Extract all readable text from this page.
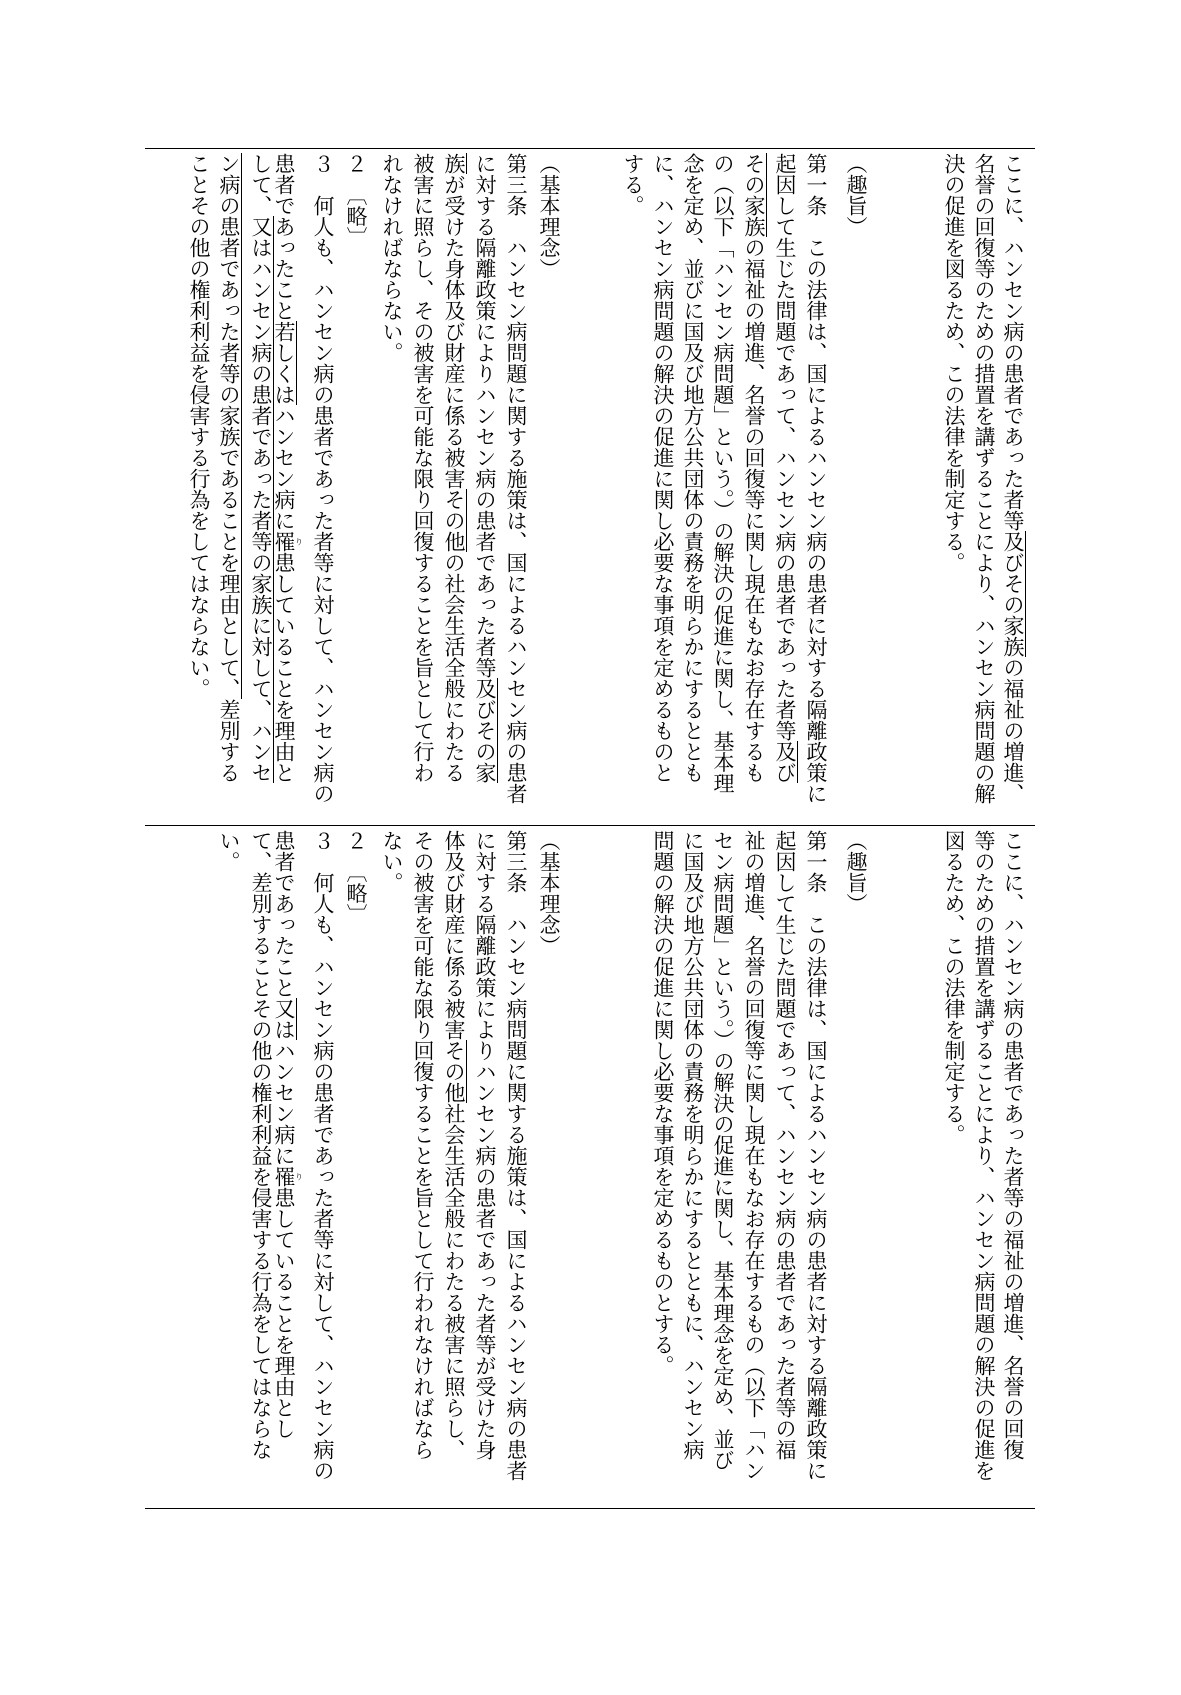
ここに、ハンセン病の患者であった者等及びその家族の福祉の増進、
名誉の回復等のための措置を講ずることにより、ハンセン病問題の解
決の促進を図るため、この法律を制定する。
（趣旨）
第一条　この法律は、国によるハンセン病の患者に対する隔離政策に
起因して生じた問題であって、ハンセン病の患者であった者等及び
その家族の福祉の増進、名誉の回復等に関し現在もなお存在するも
の（以下「ハンセン病問題」という。）の解決の促進に関し、基本理
念を定め、並びに国及び地方公共団体の責務を明らかにするととも
に、ハンセン病問題の解決の促進に関し必要な事項を定めるものと
する。
（基本理念）
第三条　ハンセン病問題に関する施策は、国によるハンセン病の患者
に対する隔離政策によりハンセン病の患者であった者等及びその家
族が受けた身体及び財産に係る被害その他の社会生活全般にわたる
被害に照らし、その被害を可能な限り回復することを旨として行わ
れなければならない。
２　〔略〕
３　何人も、ハンセン病の患者であった者等に対して、ハンセン病の
患者であったこと若しくはハンセン病に罹り患していることを理由と
して、又はハンセン病の患者であった者等の家族に対して、ハンセ
ン病の患者であった者等の家族であることを理由として、差別する
ことその他の権利利益を侵害する行為をしてはならない。
ここに、ハンセン病の患者であった者等の福祉の増進、名誉の回復
等のための措置を講ずることにより、ハンセン病問題の解決の促進を
図るため、この法律を制定する。
（趣旨）
第一条　この法律は、国によるハンセン病の患者に対する隔離政策に
起因して生じた問題であって、ハンセン病の患者であった者等の福
祉の増進、名誉の回復等に関し現在もなお存在するもの（以下「ハン
セン病問題」という。）の解決の促進に関し、基本理念を定め、並び
に国及び地方公共団体の責務を明らかにするとともに、ハンセン病
問題の解決の促進に関し必要な事項を定めるものとする。
（基本理念）
第三条　ハンセン病問題に関する施策は、国によるハンセン病の患者
に対する隔離政策によりハンセン病の患者であった者等が受けた身
体及び財産に係る被害その他社会生活全般にわたる被害に照らし、
その被害を可能な限り回復することを旨として行われなければなら
ない。
２　〔略〕
３　何人も、ハンセン病の患者であった者等に対して、ハンセン病の
患者であったこと又はハンセン病に罹り患していることを理由とし
て、差別することその他の権利利益を侵害する行為をしてはならな
い。
